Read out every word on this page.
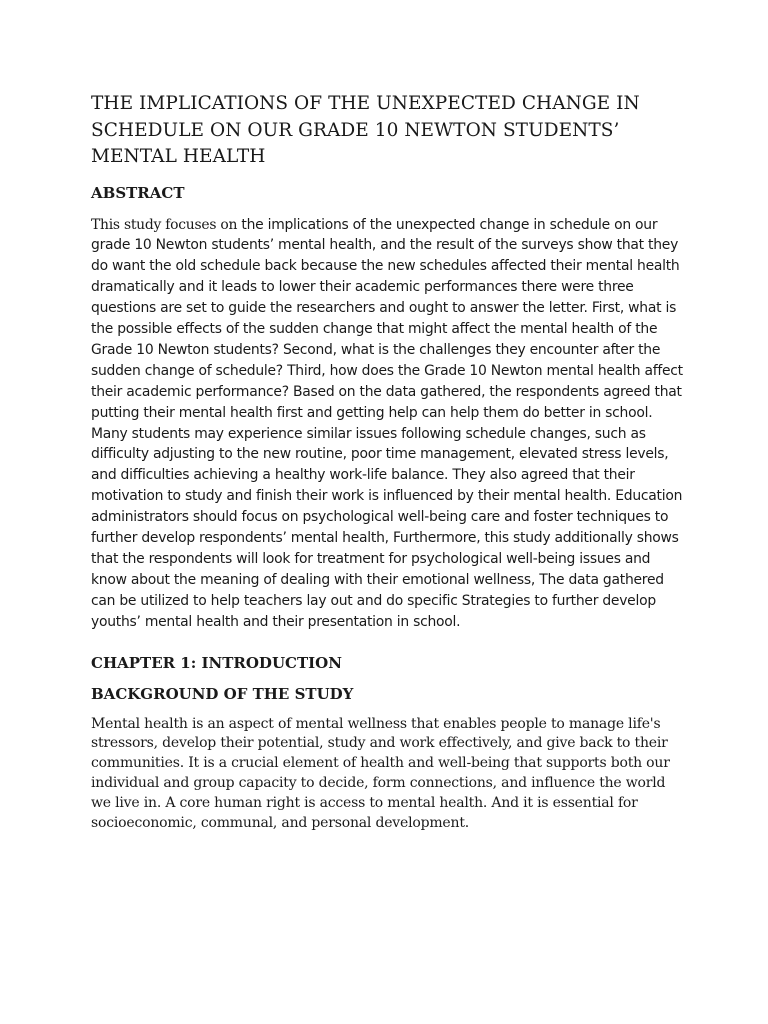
THE IMPLICATIONS OF THE UNEXPECTED CHANGE IN SCHEDULE ON OUR GRADE 10 NEWTON STUDENTS’ MENTAL HEALTH
ABSTRACT

This study focuses on the implications of the unexpected change in schedule on our grade 10 Newton students’ mental health, and the result of the surveys show that they do want the old schedule back because the new schedules affected their mental health dramatically and it leads to lower their academic performances there were three questions are set to guide the researchers and ought to answer the letter. First, what is the possible effects of the sudden change that might affect the mental health of the Grade 10 Newton students? Second, what is the challenges they encounter after the sudden change of schedule? Third, how does the Grade 10 Newton mental health affect their academic performance? Based on the data gathered, the respondents agreed that putting their mental health first and getting help can help them do better in school. Many students may experience similar issues following schedule changes, such as difficulty adjusting to the new routine, poor time management, elevated stress levels, and difficulties achieving a healthy work-life balance. They also agreed that their motivation to study and finish their work is influenced by their mental health. Education administrators should focus on psychological well-being care and foster techniques to further develop respondents’ mental health, Furthermore, this study additionally shows that the respondents will look for treatment for psychological well-being issues and know about the meaning of dealing with their emotional wellness, The data gathered can be utilized to help teachers lay out and do specific Strategies to further develop youths’ mental health and their presentation in school.

CHAPTER 1: INTRODUCTION
BACKGROUND OF THE STUDY

Mental health is an aspect of mental wellness that enables people to manage life's stressors, develop their potential, study and work effectively, and give back to their communities. It is a crucial element of health and well-being that supports both our individual and group capacity to decide, form connections, and influence the world we live in. A core human right is access to mental health. And it is essential for socioeconomic, communal, and personal development.
